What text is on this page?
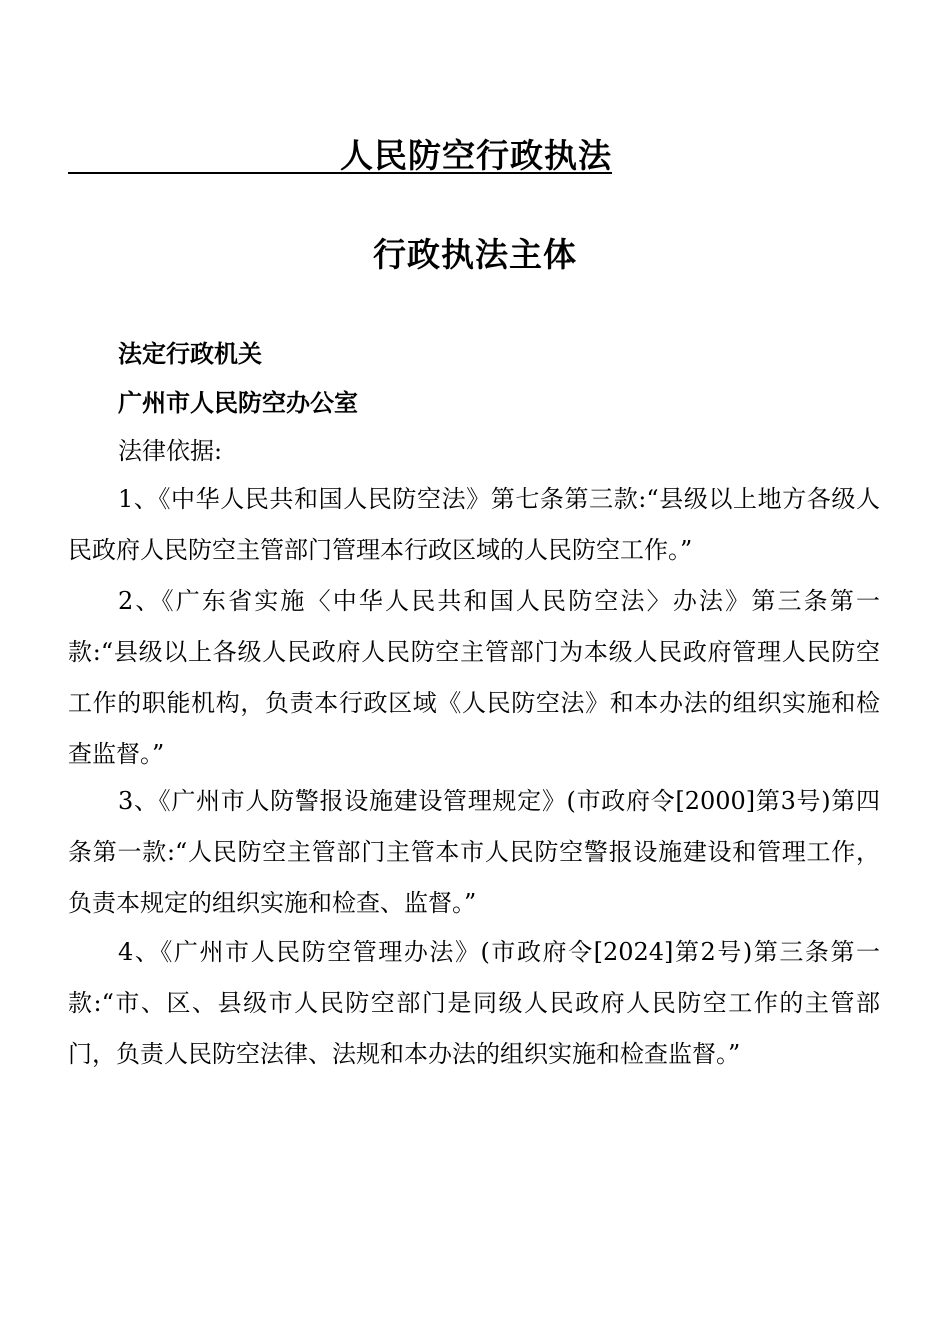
人民防空行政执法
行政执法主体

法定行政机关

广州市人民防空办公室

法律依据:

1、《中华人民共和国人民防空法》第七条第三款:“县级以上地方各级人民政府人民防空主管部门管理本行政区域的人民防空工作。”

2、《广东省实施〈中华人民共和国人民防空法〉办法》第三条第一款:“县级以上各级人民政府人民防空主管部门为本级人民政府管理人民防空工作的职能机构，负责本行政区域《人民防空法》和本办法的组织实施和检查监督。”

3、《广州市人防警报设施建设管理规定》(市政府令[2000]第3号)第四条第一款:“人民防空主管部门主管本市人民防空警报设施建设和管理工作，负责本规定的组织实施和检查、监督。”

4、《广州市人民防空管理办法》(市政府令[2024]第2号)第三条第一款:“市、区、县级市人民防空部门是同级人民政府人民防空工作的主管部门，负责人民防空法律、法规和本办法的组织实施和检查监督。”
